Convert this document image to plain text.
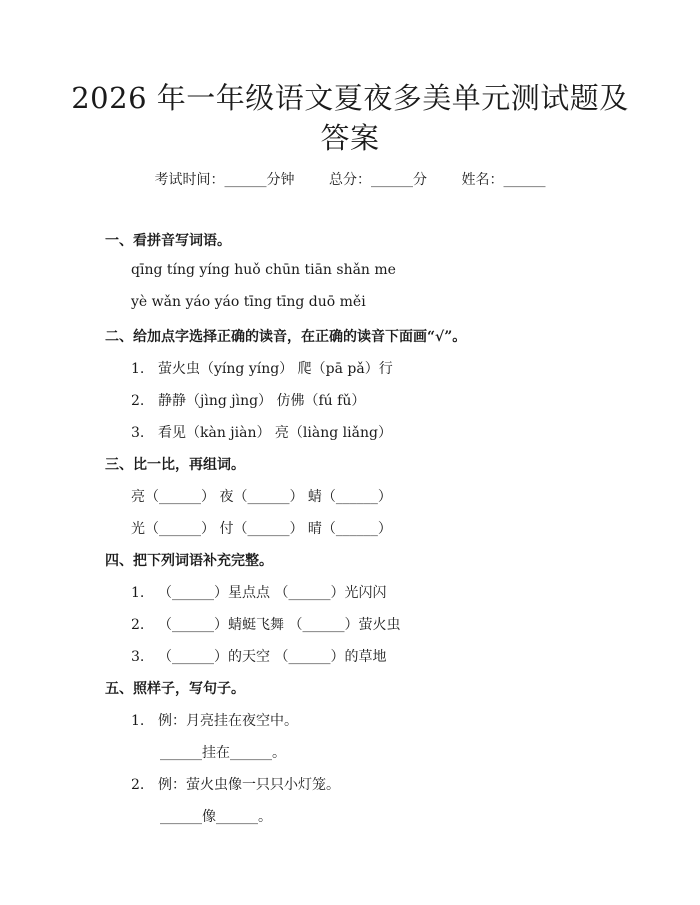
2026 年一年级语文夏夜多美单元测试题及答案
考试时间：______分钟 总分：______分 姓名：______
一、看拼音写词语。
qīng tíng yíng huǒ chūn tiān shǎn me
yè wǎn yáo yáo tīng tīng duō měi
二、给加点字选择正确的读音，在正确的读音下面画“√”。
1. 萤火虫（yíng yíng） 爬（pā pǎ）行
2. 静静（jìng jìng） 仿佛（fú fǔ）
3. 看见（kàn jiàn） 亮（liàng liǎng）
三、比一比，再组词。
亮（______） 夜（______） 蜻（______）
光（______） 付（______） 晴（______）
四、把下列词语补充完整。
1. （______）星点点 （______）光闪闪
2. （______）蜻蜓飞舞 （______）萤火虫
3. （______）的天空 （______）的草地
五、照样子，写句子。
1. 例：月亮挂在夜空中。
______挂在______。
2. 例：萤火虫像一只只小灯笼。
______像______。
